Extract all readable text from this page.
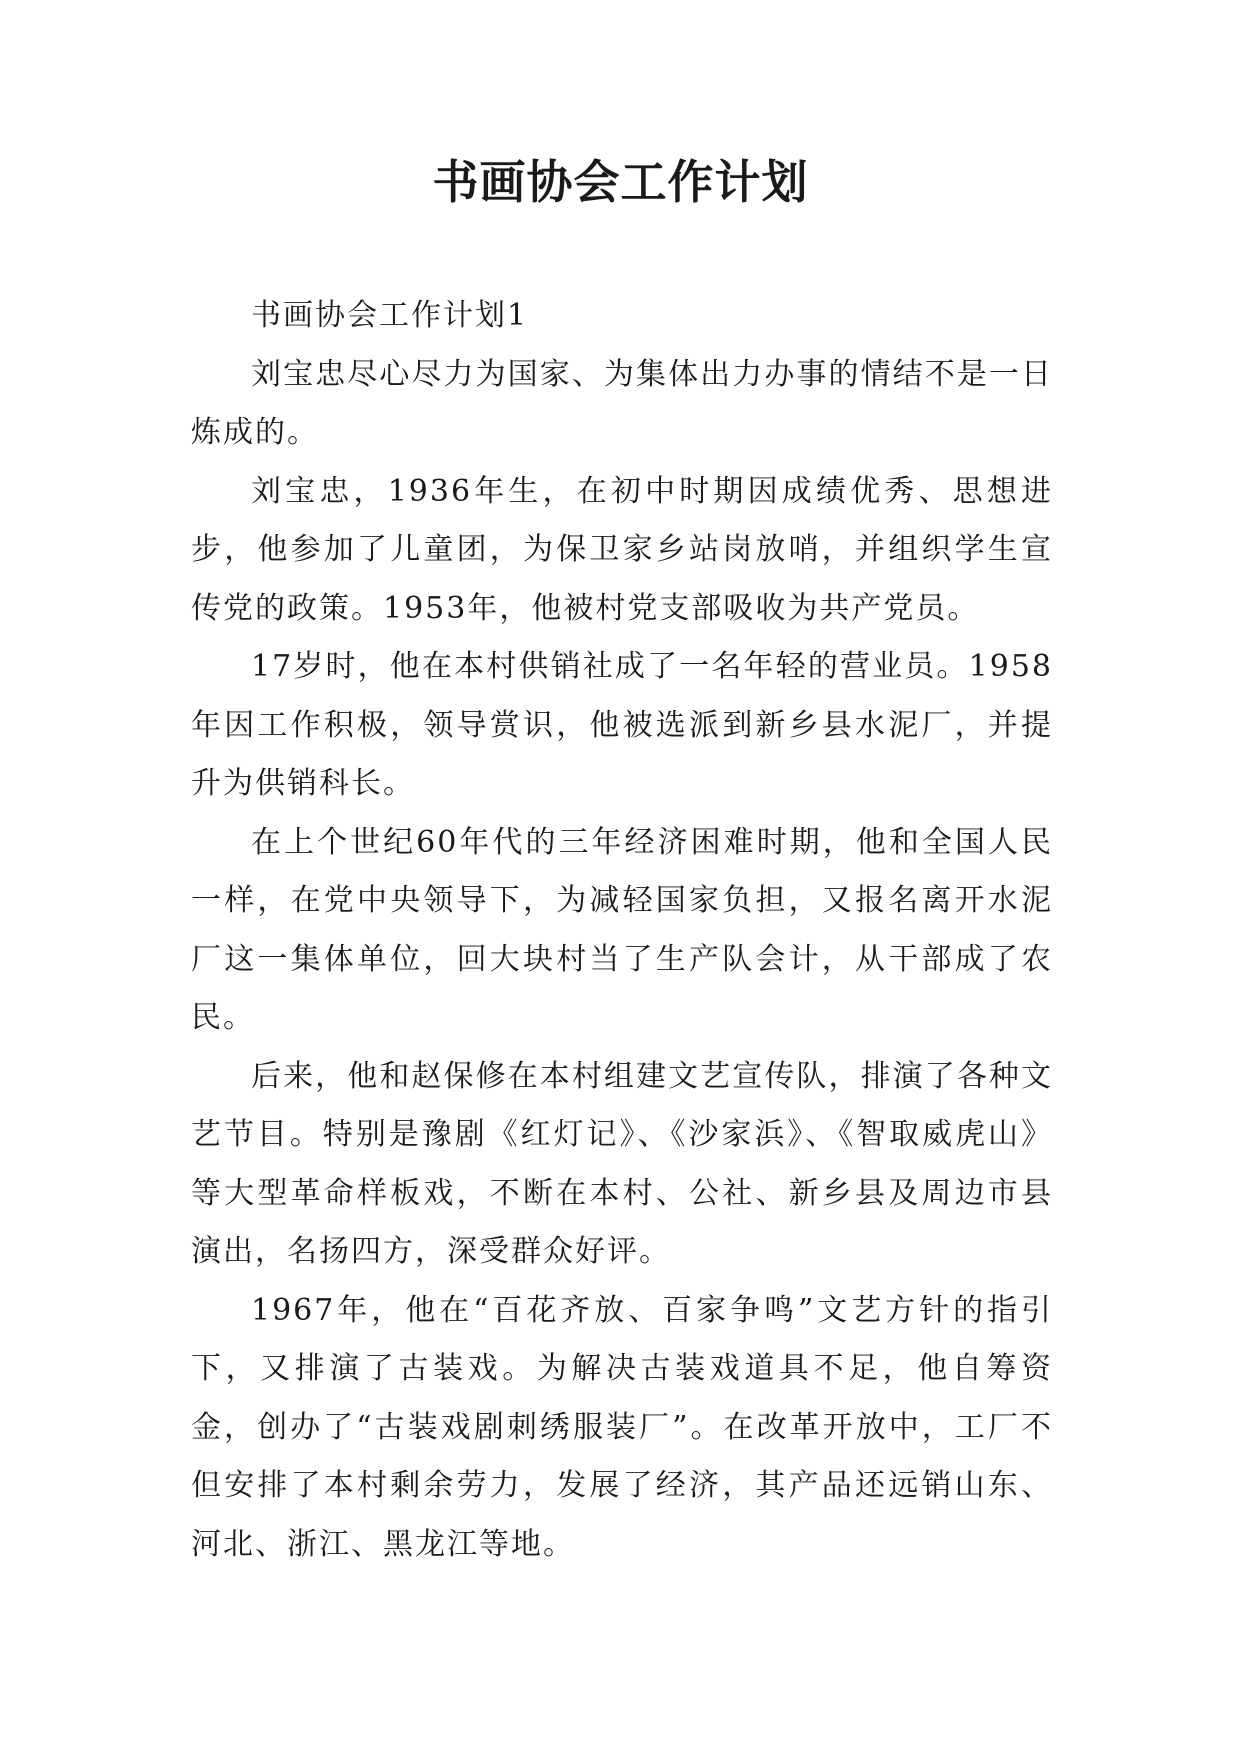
书画协会工作计划

书画协会工作计划1

刘宝忠尽心尽力为国家、为集体出力办事的情结不是一日炼成的。

刘宝忠，1936年生，在初中时期因成绩优秀、思想进步，他参加了儿童团，为保卫家乡站岗放哨，并组织学生宣传党的政策。1953年，他被村党支部吸收为共产党员。

17岁时，他在本村供销社成了一名年轻的营业员。1958年因工作积极，领导赏识，他被选派到新乡县水泥厂，并提升为供销科长。

在上个世纪60年代的三年经济困难时期，他和全国人民一样，在党中央领导下，为减轻国家负担，又报名离开水泥厂这一集体单位，回大块村当了生产队会计，从干部成了农民。

后来，他和赵保修在本村组建文艺宣传队，排演了各种文艺节目。特别是豫剧《红灯记》、《沙家浜》、《智取威虎山》等大型革命样板戏，不断在本村、公社、新乡县及周边市县演出，名扬四方，深受群众好评。

1967年，他在“百花齐放、百家争鸣”文艺方针的指引下，又排演了古装戏。为解决古装戏道具不足，他自筹资金，创办了“古装戏剧刺绣服装厂”。在改革开放中，工厂不但安排了本村剩余劳力，发展了经济，其产品还远销山东、河北、浙江、黑龙江等地。
